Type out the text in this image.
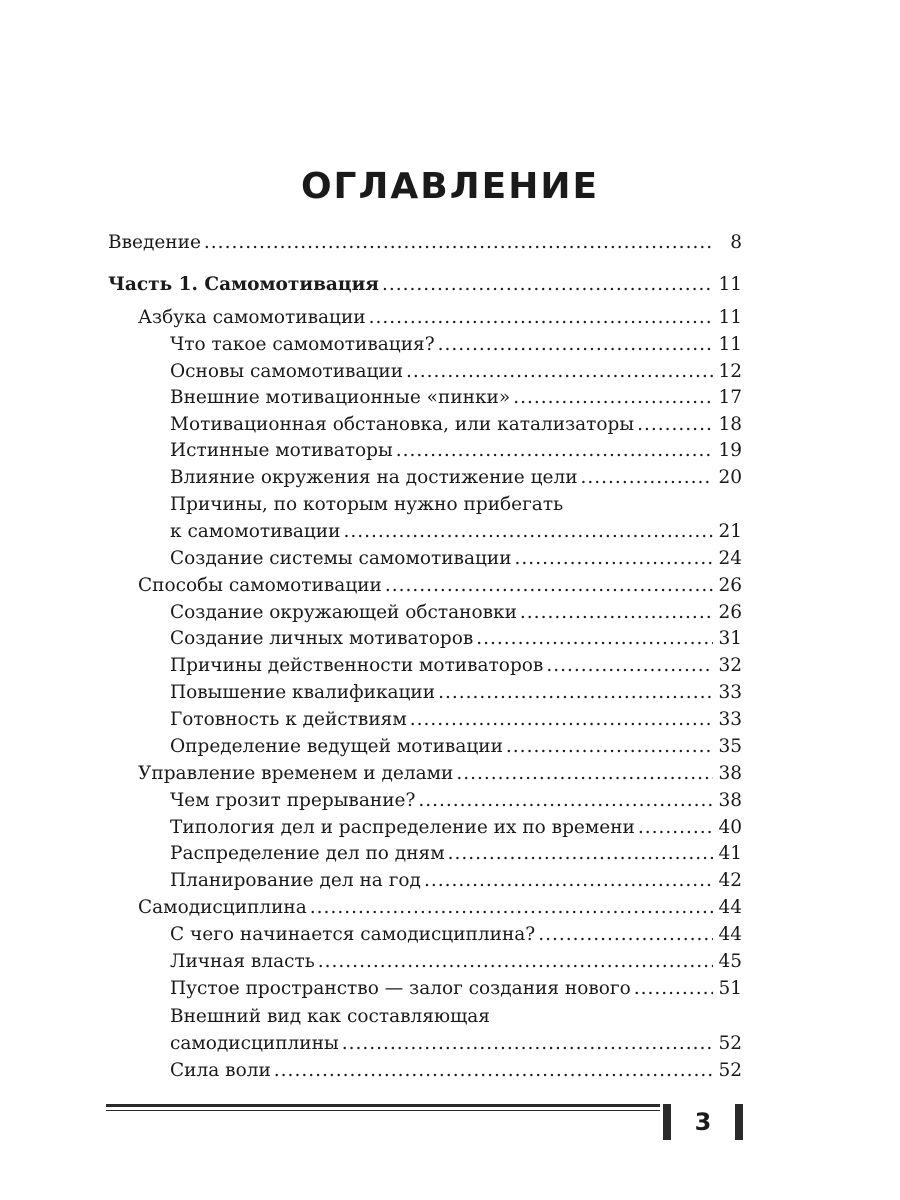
ОГЛАВЛЕНИЕ
Введение .....	8
Часть 1. Самомотивация .....	11
Азбука самомотивации .....	11
Что такое самомотивация? .....	11
Основы самомотивации .....	12
Внешние мотивационные «пинки» .....	17
Мотивационная обстановка, или катализаторы .....	18
Истинные мотиваторы .....	19
Влияние окружения на достижение цели .....	20
Причины, по которым нужно прибегать
к самомотивации .....	21
Создание системы самомотивации .....	24
Способы самомотивации .....	26
Создание окружающей обстановки .....	26
Создание личных мотиваторов .....	31
Причины действенности мотиваторов .....	32
Повышение квалификации .....	33
Готовность к действиям .....	33
Определение ведущей мотивации .....	35
Управление временем и делами .....	38
Чем грозит прерывание? .....	38
Типология дел и распределение их по времени .....	40
Распределение дел по дням .....	41
Планирование дел на год .....	42
Самодисциплина .....	44
С чего начинается самодисциплина? .....	44
Личная власть .....	45
Пустое пространство — залог создания нового .....	51
Внешний вид как составляющая
самодисциплины .....	52
Сила воли .....	52
3
